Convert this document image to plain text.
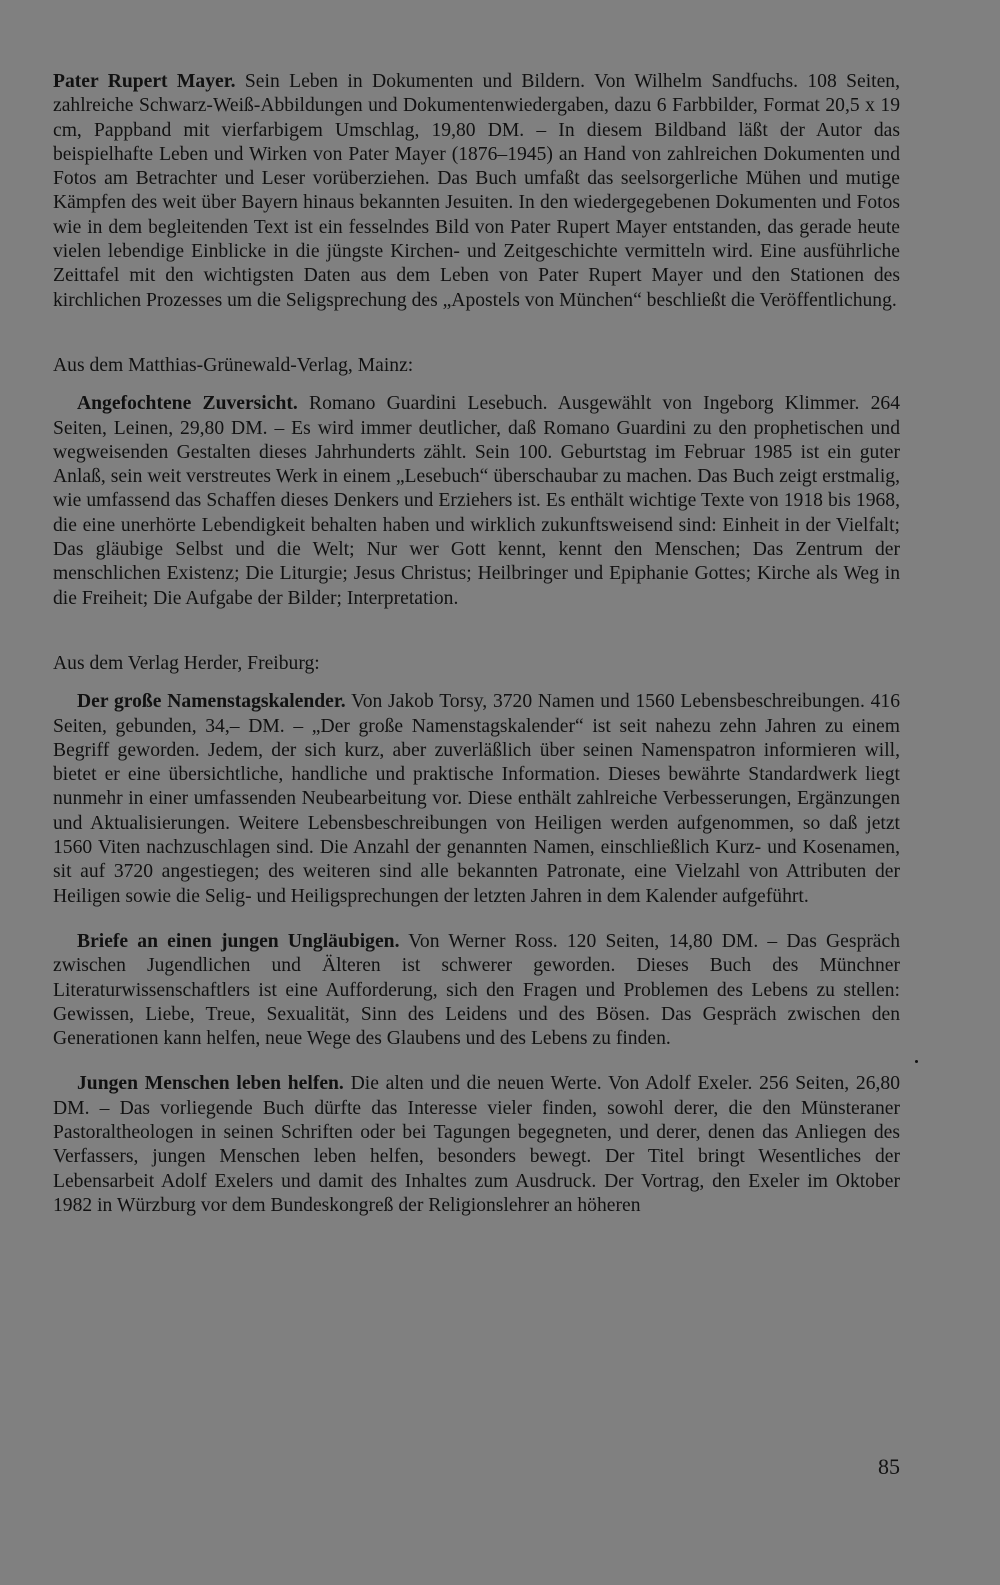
Pater Rupert Mayer. Sein Leben in Dokumenten und Bildern. Von Wilhelm Sandfuchs. 108 Seiten, zahlreiche Schwarz-Weiß-Abbildungen und Dokumentenwiedergaben, dazu 6 Farbbilder, Format 20,5 x 19 cm, Pappband mit vierfarbigem Umschlag, 19,80 DM. – In diesem Bildband läßt der Autor das beispielhafte Leben und Wirken von Pater Mayer (1876–1945) an Hand von zahlreichen Dokumenten und Fotos am Betrachter und Leser vorüberziehen. Das Buch umfaßt das seelsorgerliche Mühen und mutige Kämpfen des weit über Bayern hinaus bekannten Jesuiten. In den wiedergegebenen Dokumenten und Fotos wie in dem begleitenden Text ist ein fesselndes Bild von Pater Rupert Mayer entstanden, das gerade heute vielen lebendige Einblicke in die jüngste Kirchen- und Zeitgeschichte vermitteln wird. Eine ausführliche Zeittafel mit den wichtigsten Daten aus dem Leben von Pater Rupert Mayer und den Stationen des kirchlichen Prozesses um die Seligsprechung des „Apostels von München“ beschließt die Veröffentlichung.

Aus dem Matthias-Grünewald-Verlag, Mainz:

Angefochtene Zuversicht. Romano Guardini Lesebuch. Ausgewählt von Ingeborg Klimmer. 264 Seiten, Leinen, 29,80 DM. – Es wird immer deutlicher, daß Romano Guardini zu den prophetischen und wegweisenden Gestalten dieses Jahrhunderts zählt. Sein 100. Geburtstag im Februar 1985 ist ein guter Anlaß, sein weit verstreutes Werk in einem „Lesebuch“ überschaubar zu machen. Das Buch zeigt erstmalig, wie umfassend das Schaffen dieses Denkers und Erziehers ist. Es enthält wichtige Texte von 1918 bis 1968, die eine unerhörte Lebendigkeit behalten haben und wirklich zukunftsweisend sind: Einheit in der Vielfalt; Das gläubige Selbst und die Welt; Nur wer Gott kennt, kennt den Menschen; Das Zentrum der menschlichen Existenz; Die Liturgie; Jesus Christus; Heilbringer und Epiphanie Gottes; Kirche als Weg in die Freiheit; Die Aufgabe der Bilder; Interpretation.

Aus dem Verlag Herder, Freiburg:

Der große Namenstagskalender. Von Jakob Torsy, 3720 Namen und 1560 Lebensbeschreibungen. 416 Seiten, gebunden, 34,– DM. – „Der große Namenstagskalender“ ist seit nahezu zehn Jahren zu einem Begriff geworden. Jedem, der sich kurz, aber zuverläßlich über seinen Namenspatron informieren will, bietet er eine übersichtliche, handliche und praktische Information. Dieses bewährte Standardwerk liegt nunmehr in einer umfassenden Neubearbeitung vor. Diese enthält zahlreiche Verbesserungen, Ergänzungen und Aktualisierungen. Weitere Lebensbeschreibungen von Heiligen werden aufgenommen, so daß jetzt 1560 Viten nachzuschlagen sind. Die Anzahl der genannten Namen, einschließlich Kurz- und Kosenamen, sit auf 3720 angestiegen; des weiteren sind alle bekannten Patronate, eine Vielzahl von Attributen der Heiligen sowie die Selig- und Heiligsprechungen der letzten Jahren in dem Kalender aufgeführt.

Briefe an einen jungen Ungläubigen. Von Werner Ross. 120 Seiten, 14,80 DM. – Das Gespräch zwischen Jugendlichen und Älteren ist schwerer geworden. Dieses Buch des Münchner Literaturwissenschaftlers ist eine Aufforderung, sich den Fragen und Problemen des Lebens zu stellen: Gewissen, Liebe, Treue, Sexualität, Sinn des Leidens und des Bösen. Das Gespräch zwischen den Generationen kann helfen, neue Wege des Glaubens und des Lebens zu finden.

Jungen Menschen leben helfen. Die alten und die neuen Werte. Von Adolf Exeler. 256 Seiten, 26,80 DM. – Das vorliegende Buch dürfte das Interesse vieler finden, sowohl derer, die den Münsteraner Pastoraltheologen in seinen Schriften oder bei Tagungen begegneten, und derer, denen das Anliegen des Verfassers, jungen Menschen leben helfen, besonders bewegt. Der Titel bringt Wesentliches der Lebensarbeit Adolf Exelers und damit des Inhaltes zum Ausdruck. Der Vortrag, den Exeler im Oktober 1982 in Würzburg vor dem Bundeskongreß der Religionslehrer an höheren

85
